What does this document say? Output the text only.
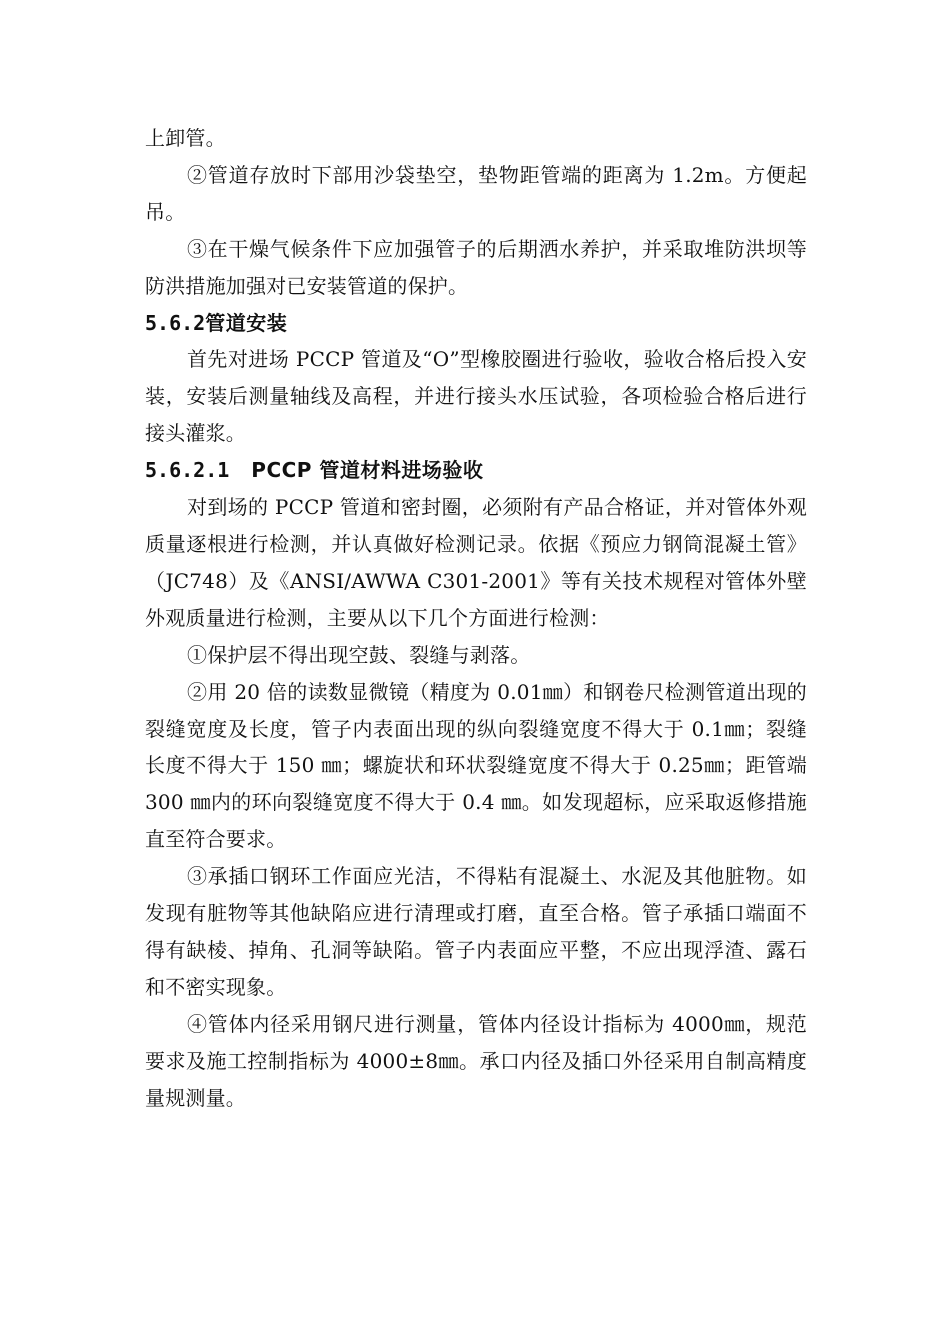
上卸管。

②管道存放时下部用沙袋垫空，垫物距管端的距离为 1.2m。方便起吊。

③在干燥气候条件下应加强管子的后期洒水养护，并采取堆防洪坝等防洪措施加强对已安装管道的保护。

5.6.2管道安装

首先对进场 PCCP 管道及“O”型橡胶圈进行验收，验收合格后投入安装，安装后测量轴线及高程，并进行接头水压试验，各项检验合格后进行接头灌浆。

5.6.2.1 PCCP 管道材料进场验收

对到场的 PCCP 管道和密封圈，必须附有产品合格证，并对管体外观质量逐根进行检测，并认真做好检测记录。依据《预应力钢筒混凝土管》（JC748）及《ANSI/AWWA C301-2001》等有关技术规程对管体外壁外观质量进行检测，主要从以下几个方面进行检测：

①保护层不得出现空鼓、裂缝与剥落。

②用 20 倍的读数显微镜（精度为 0.01㎜）和钢卷尺检测管道出现的裂缝宽度及长度，管子内表面出现的纵向裂缝宽度不得大于 0.1㎜；裂缝长度不得大于 150 ㎜；螺旋状和环状裂缝宽度不得大于 0.25㎜；距管端 300 ㎜内的环向裂缝宽度不得大于 0.4 ㎜。如发现超标，应采取返修措施直至符合要求。

③承插口钢环工作面应光洁，不得粘有混凝土、水泥及其他脏物。如发现有脏物等其他缺陷应进行清理或打磨，直至合格。管子承插口端面不得有缺棱、掉角、孔洞等缺陷。管子内表面应平整，不应出现浮渣、露石和不密实现象。

④管体内径采用钢尺进行测量，管体内径设计指标为 4000㎜，规范要求及施工控制指标为 4000±8㎜。承口内径及插口外径采用自制高精度量规测量。
